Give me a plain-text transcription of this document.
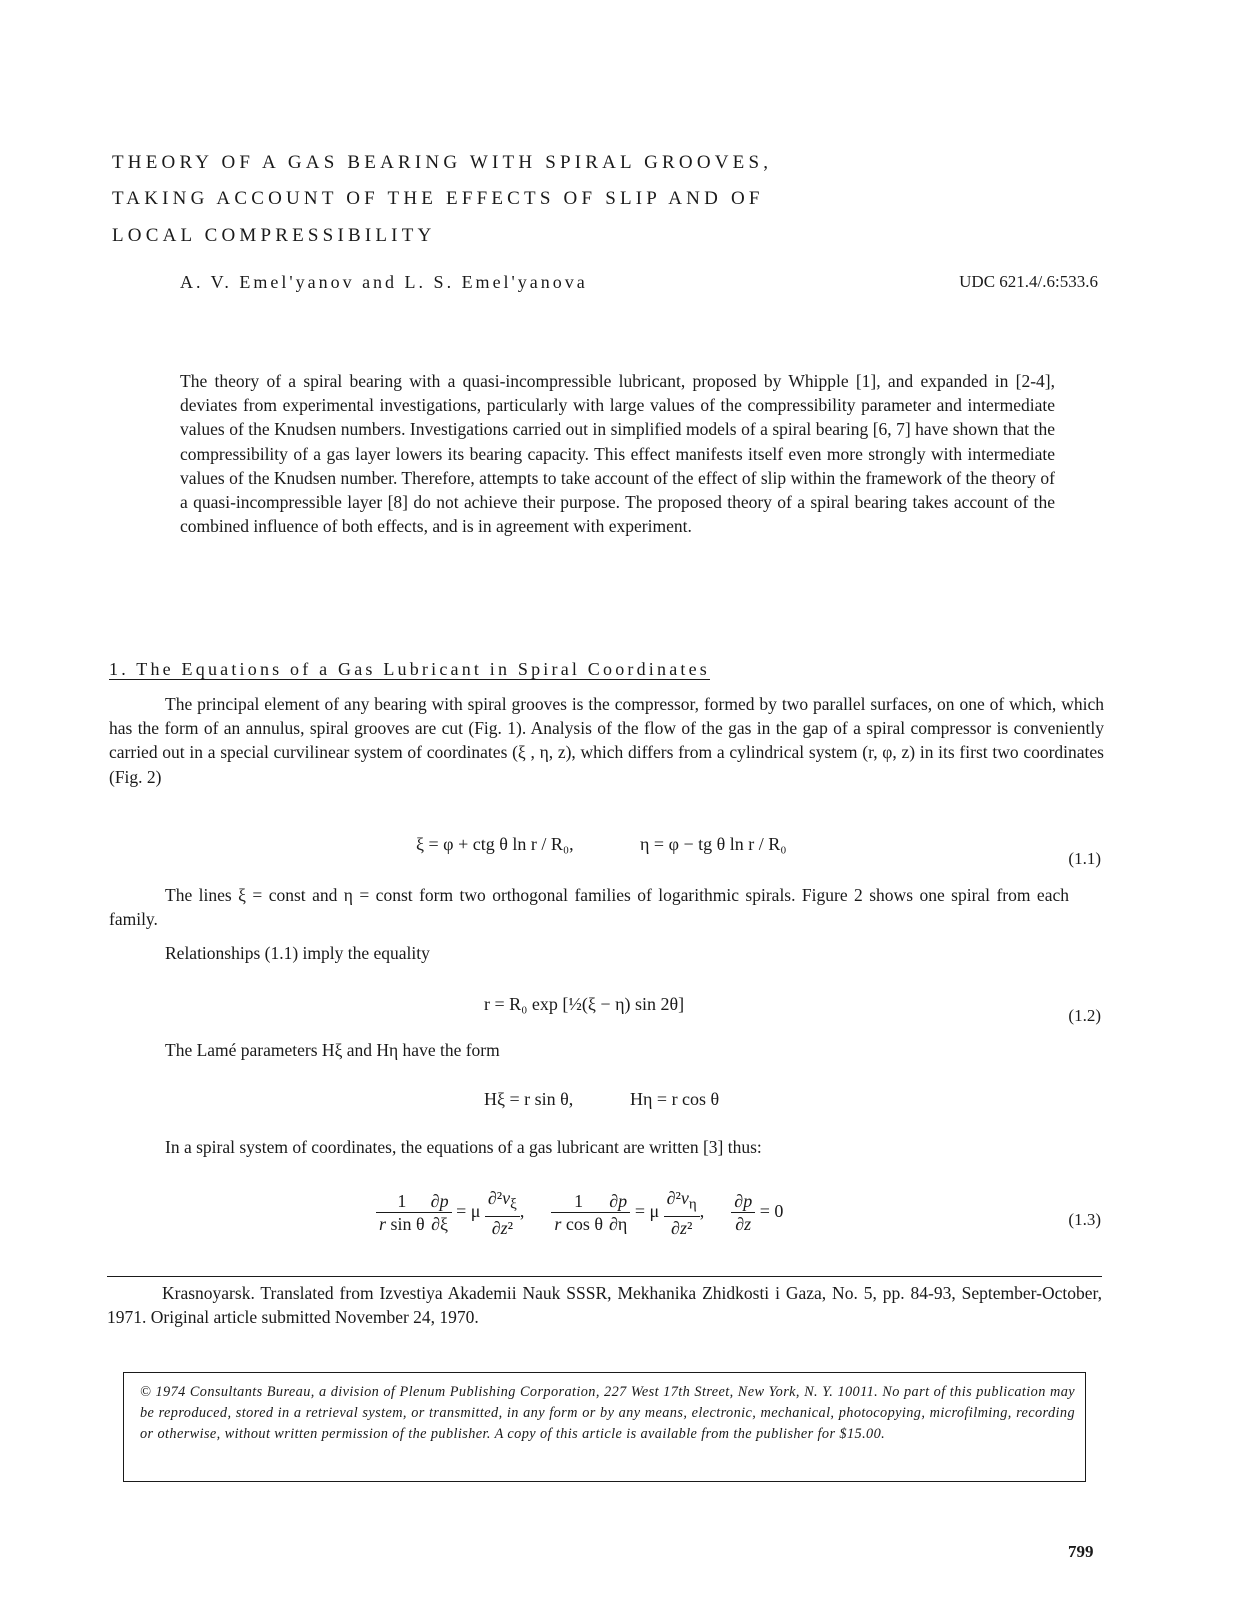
THEORY OF A GAS BEARING WITH SPIRAL GROOVES,
TAKING ACCOUNT OF THE EFFECTS OF SLIP AND OF
LOCAL COMPRESSIBILITY
A. V. Emel'yanov and L. S. Emel'yanova	UDC 621.4/.6:533.6

The theory of a spiral bearing with a quasi-incompressible lubricant, proposed by Whipple [1], and expanded in [2-4], deviates from experimental investigations, particularly with large values of the compressibility parameter and intermediate values of the Knudsen numbers. Investigations carried out in simplified models of a spiral bearing [6, 7] have shown that the compressibility of a gas layer lowers its bearing capacity. This effect manifests itself even more strongly with intermediate values of the Knudsen number. Therefore, attempts to take account of the effect of slip within the framework of the theory of a quasi-incompressible layer [8] do not achieve their purpose. The proposed theory of a spiral bearing takes account of the combined influence of both effects, and is in agreement with experiment.

1. The Equations of a Gas Lubricant in Spiral Coordinates

The principal element of any bearing with spiral grooves is the compressor, formed by two parallel surfaces, on one of which, which has the form of an annulus, spiral grooves are cut (Fig. 1). Analysis of the flow of the gas in the gap of a spiral compressor is conveniently carried out in a special curvilinear system of coordinates (ξ , η, z), which differs from a cylindrical system (r, φ, z) in its first two coordinates (Fig. 2)

ξ = φ + ctg θ ln r / R₀,	η = φ − tg θ ln r / R₀
(1.1)

The lines ξ = const and η = const form two orthogonal families of logarithmic spirals. Figure 2 shows one spiral from each family.

Relationships (1.1) imply the equality
r = R₀ exp [½(ξ − η) sin 2θ]
(1.2)
The Lamé parameters Hξ and Hη have the form
Hξ = r sin θ,	Hη = r cos θ
In a spiral system of coordinates, the equations of a gas lubricant are written [3] thus:
$\frac{1}{\text{r sin θ}} \frac{\partial p}{\partial\xi} = \mu \frac{\partial^2v_\xi}{\text{∂z²}}$ , $\frac{1}{\text{r cos θ}} \frac{\partial p}{\partial\eta} = \mu \frac{\partial^2v_\eta}{\text{∂z²}}$ , $\frac{\partial p}{\partial z} = 0$	(1.3)

Krasnoyarsk. Translated from Izvestiya Akademii Nauk SSSR, Mekhanika Zhidkosti i Gaza, No. 5, pp. 84-93, September-October, 1971. Original article submitted November 24, 1970.

© 1974 Consultants Bureau, a division of Plenum Publishing Corporation, 227 West 17th Street, New York, N. Y. 10011. No part of this publication may be reproduced, stored in a retrieval system, or transmitted, in any form or by any means, electronic, mechanical, photocopying, microfilming, recording or otherwise, without written permission of the publisher. A copy of this article is available from the publisher for $15.00.
799
